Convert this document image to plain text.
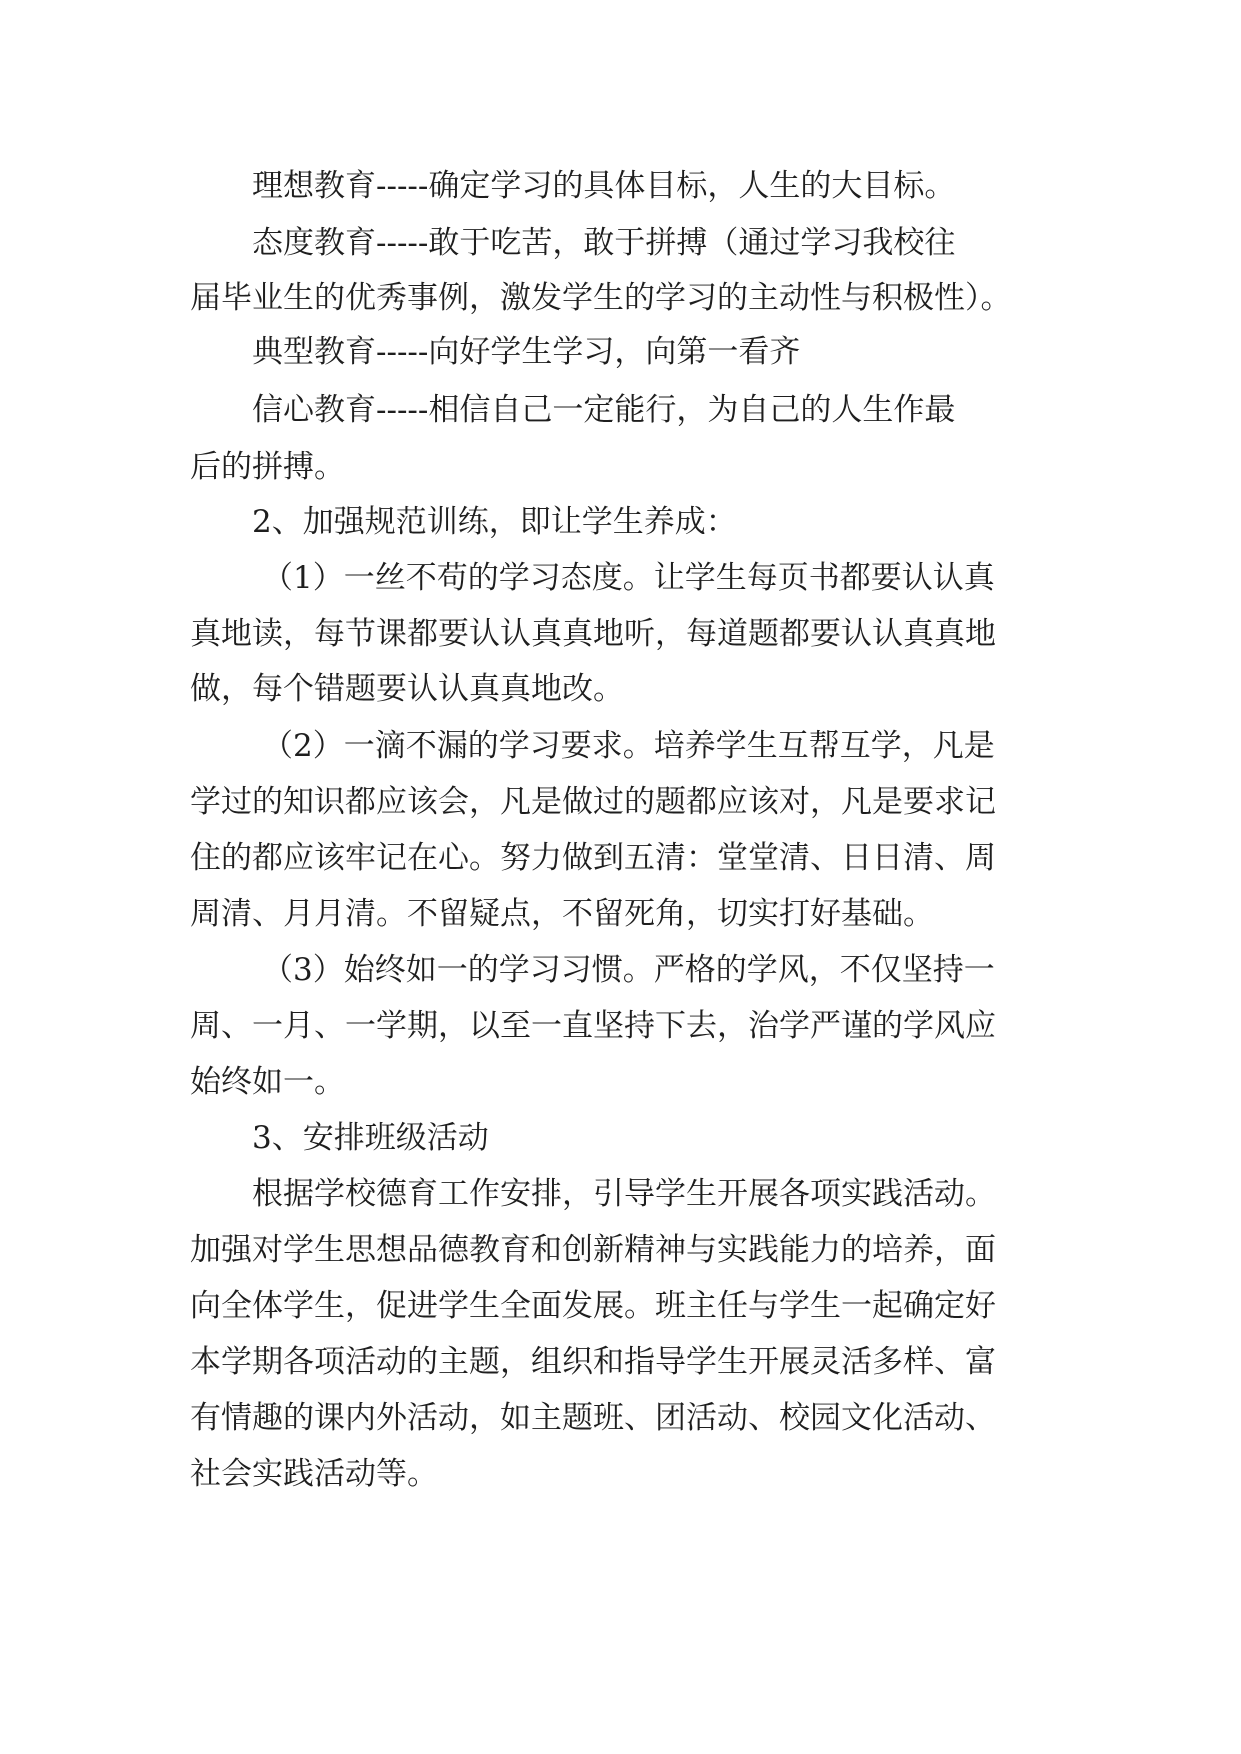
理想教育-----确定学习的具体目标，人生的大目标。
态度教育-----敢于吃苦，敢于拼搏（通过学习我校往
届毕业生的优秀事例，激发学生的学习的主动性与积极性）。
典型教育-----向好学生学习，向第一看齐
信心教育-----相信自己一定能行，为自己的人生作最
后的拼搏。
2、加强规范训练，即让学生养成：
（1）一丝不苟的学习态度。让学生每页书都要认认真
真地读，每节课都要认认真真地听，每道题都要认认真真地
做，每个错题要认认真真地改。
（2）一滴不漏的学习要求。培养学生互帮互学，凡是
学过的知识都应该会，凡是做过的题都应该对，凡是要求记
住的都应该牢记在心。努力做到五清：堂堂清、日日清、周
周清、月月清。不留疑点，不留死角，切实打好基础。
（3）始终如一的学习习惯。严格的学风，不仅坚持一
周、一月、一学期，以至一直坚持下去，治学严谨的学风应
始终如一。
3、安排班级活动
根据学校德育工作安排，引导学生开展各项实践活动。
加强对学生思想品德教育和创新精神与实践能力的培养，面
向全体学生，促进学生全面发展。班主任与学生一起确定好
本学期各项活动的主题，组织和指导学生开展灵活多样、富
有情趣的课内外活动，如主题班、团活动、校园文化活动、
社会实践活动等。
